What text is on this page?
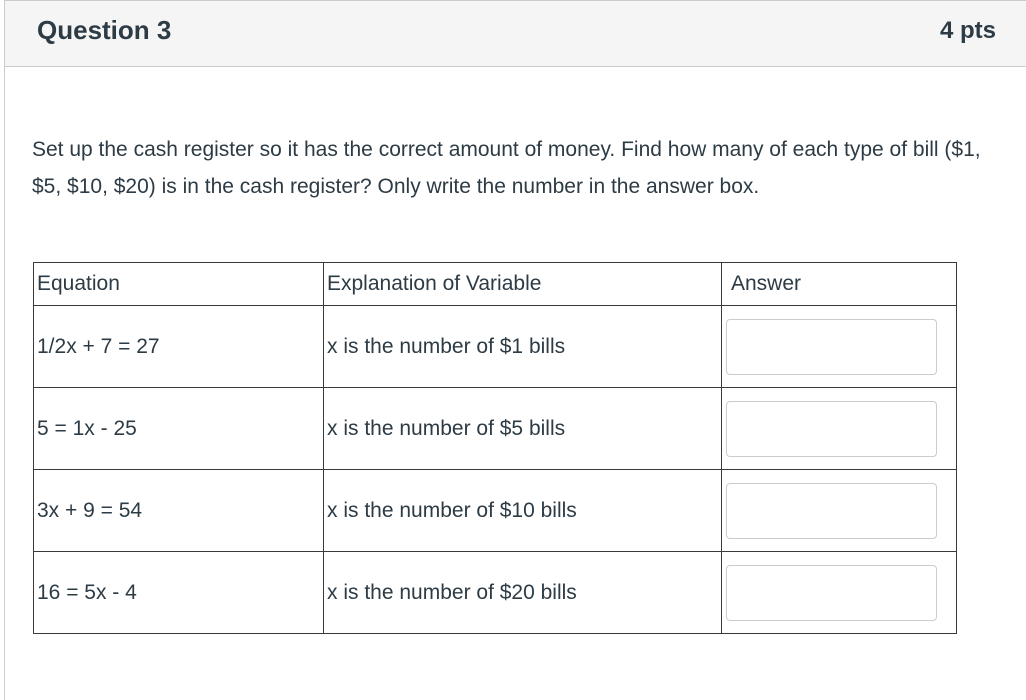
Question 3	4 pts
Set up the cash register so it has the correct amount of money. Find how many of each type of bill ($1, $5, $10, $20) is in the cash register? Only write the number in the answer box.
Equation	Explanation of Variable	Answer
1/2x + 7 = 27	x is the number of $1 bills	

5 = 1x - 25	x is the number of $5 bills	

3x + 9 = 54	x is the number of $10 bills	

16 = 5x - 4	x is the number of $20 bills	
